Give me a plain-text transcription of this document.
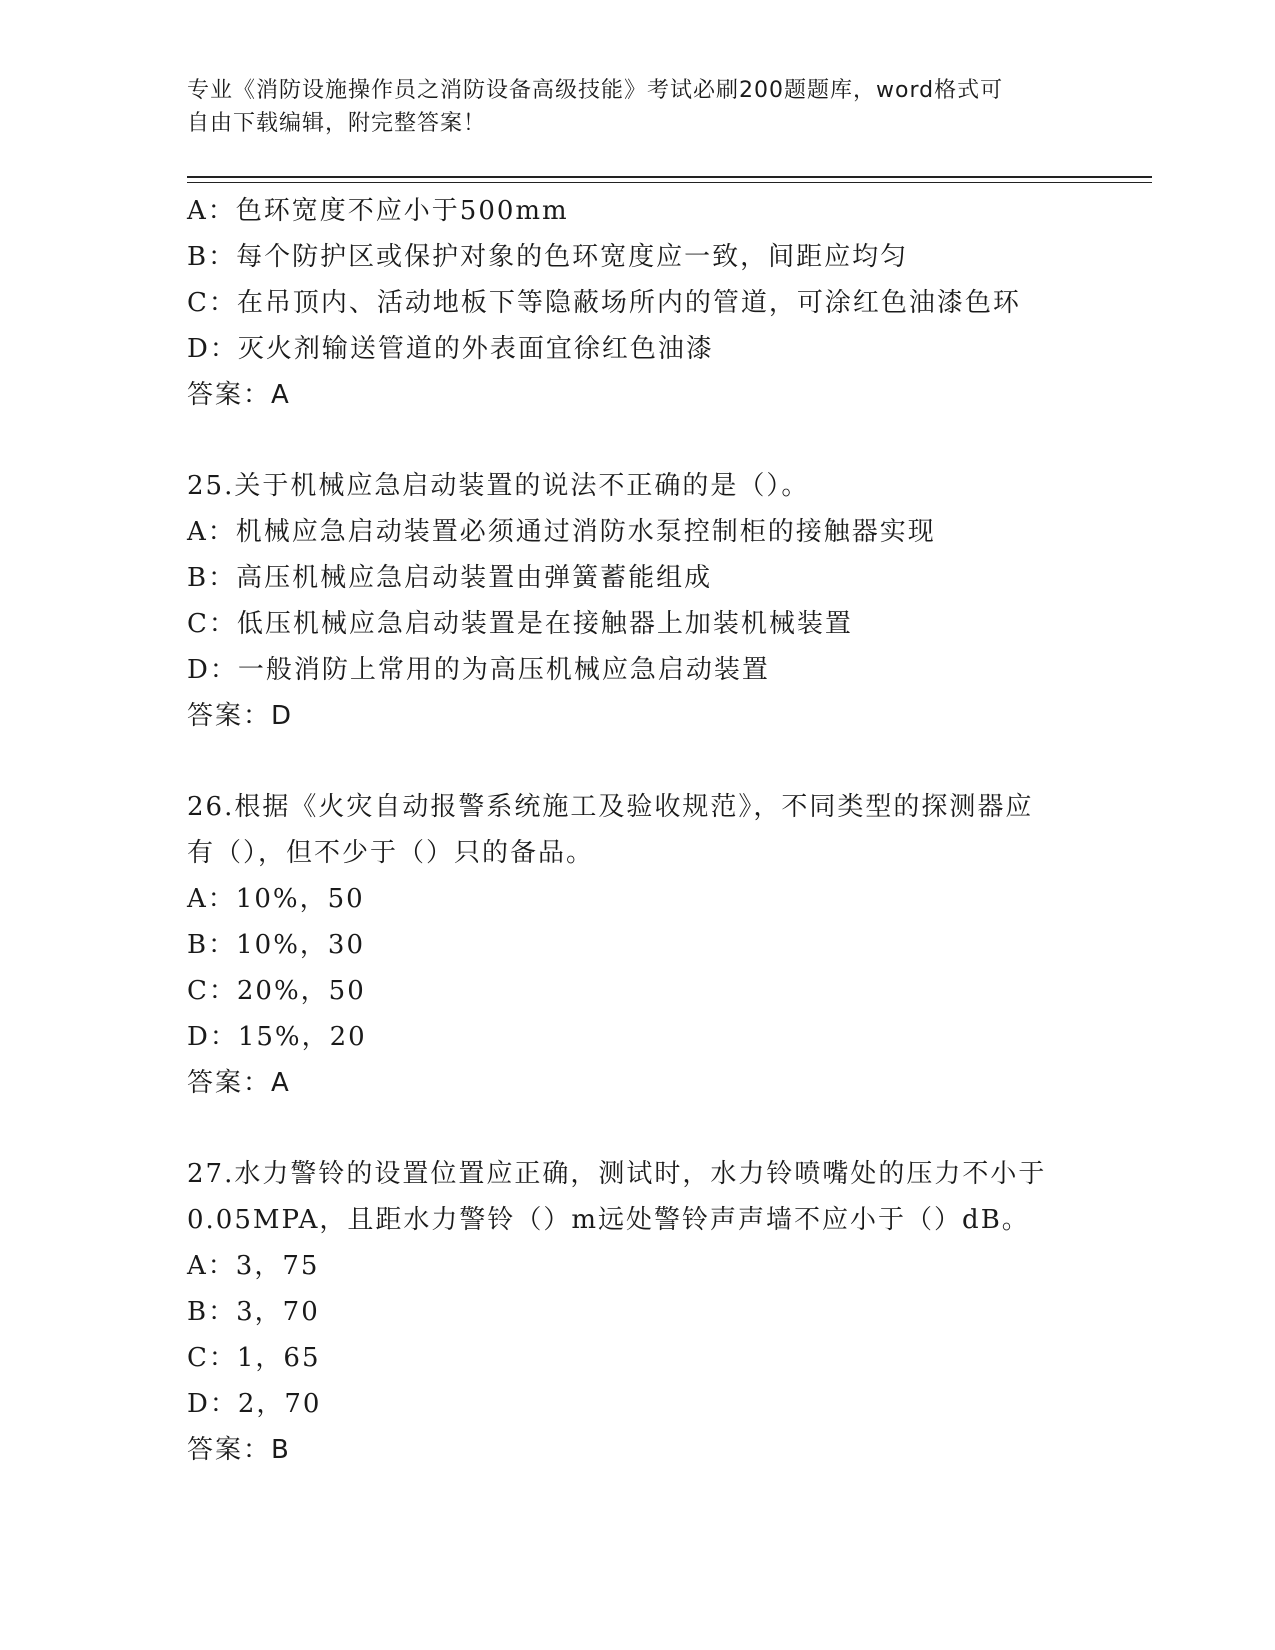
专业《消防设施操作员之消防设备高级技能》考试必刷200题题库，word格式可
自由下载编辑，附完整答案！
A：色环宽度不应小于500mm
B：每个防护区或保护对象的色环宽度应一致，间距应均匀
C：在吊顶内、活动地板下等隐蔽场所内的管道，可涂红色油漆色环
D：灭火剂输送管道的外表面宜徐红色油漆
答案：A
25.关于机械应急启动装置的说法不正确的是（）。
A：机械应急启动装置必须通过消防水泵控制柜的接触器实现
B：高压机械应急启动装置由弹簧蓄能组成
C：低压机械应急启动装置是在接触器上加装机械装置
D：一般消防上常用的为高压机械应急启动装置
答案：D
26.根据《火灾自动报警系统施工及验收规范》，不同类型的探测器应
有（），但不少于（）只的备品。
A：10%，50
B：10%，30
C：20%，50
D：15%，20
答案：A
27.水力警铃的设置位置应正确，测试时，水力铃喷嘴处的压力不小于
0.05MPA，且距水力警铃（）m远处警铃声声墙不应小于（）dB。
A：3，75
B：3，70
C：1，65
D：2，70
答案：B
